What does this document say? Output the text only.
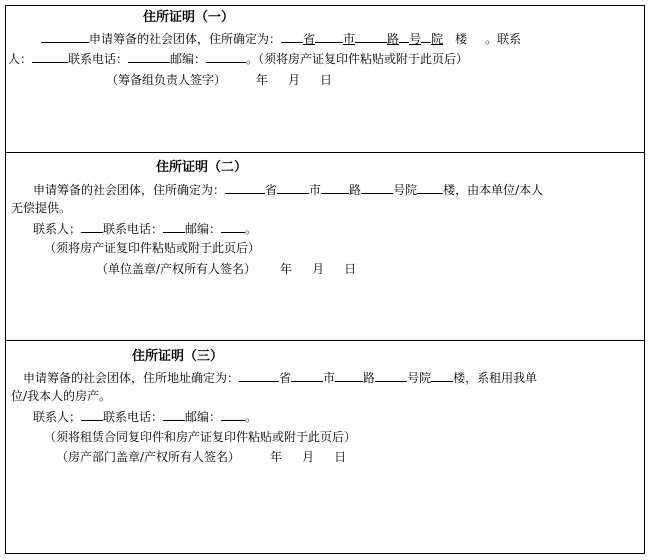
住所证明（一）
申请筹备的社会团体，住所确定为： 省 市	路 号 院 楼 。联系
人：	联系电话：	邮编：	。（须将房产证复印件粘贴或附于此页后）
（筹备组负责人签字）	年 月 日
住所证明（二）
申请筹备的社会团体，住所确定为：	省	市 路	号院 楼，由本单位/本人
无偿提供。
联系人； 联系电话： 邮编： 。
（须将房产证复印件粘贴或附于此页后）
（单位盖章/产权所有人签名） 年 月 日
住所证明（三）
申请筹备的社会团体，住所地址确定为：	省	市 路	号院 楼，系租用我单
位/我本人的房产。
联系人； 联系电话： 邮编： 。
（须将租赁合同复印件和房产证复印件粘贴或附于此页后）
（房产部门盖章/产权所有人签名）	年 月 日
